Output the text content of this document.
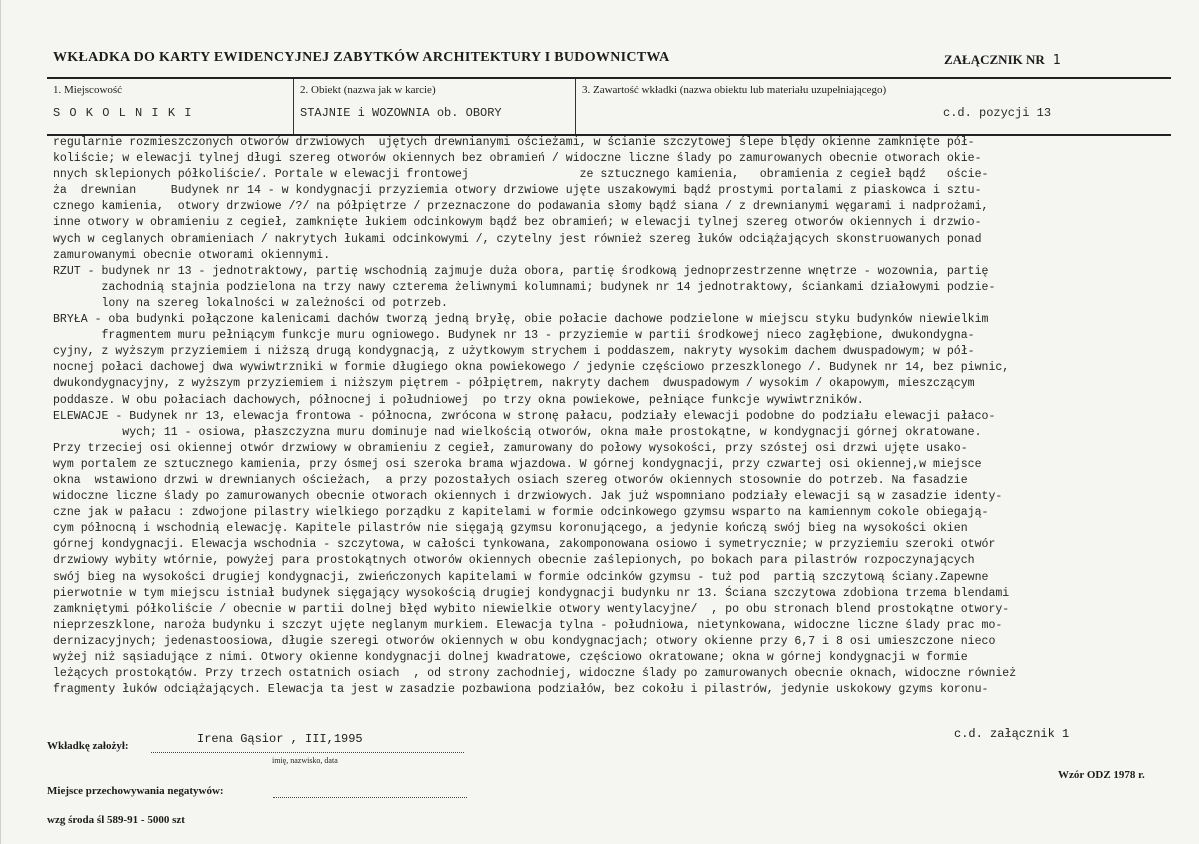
WKŁADKA DO KARTY EWIDENCYJNEJ ZABYTKÓW ARCHITEKTURY I BUDOWNICTWA	ZAŁĄCZNIK NR 1
1. Miejscowość
S O K O L N I K I
2. Obiekt (nazwa jak w karcie)
STAJNIE i WOZOWNIA ob. OBORY
3. Zawartość wkładki (nazwa obiektu lub materiału uzupełniającego)
c.d. pozycji 13
regularnie rozmieszczonych otworów drzwiowych  ujętych drewnianymi ościeżami, w ścianie szczytowej ślepe blędy okienne zamknięte pół-
koliście; w elewacji tylnej długi szereg otworów okiennych bez obramień / widoczne liczne ślady po zamurowanych obecnie otworach okie-
nnych sklepionych półkoliście/. Portale w elewacji frontowej                ze sztucznego kamienia,   obramienia z cegieł bądź   oście-
ża  drewnian     Budynek nr 14 - w kondygnacji przyziemia otwory drzwiowe ujęte uszakowymi bądź prostymi portalami z piaskowca i sztu-
cznego kamienia,  otwory drzwiowe /?/ na półpiętrze / przeznaczone do podawania słomy bądź siana / z drewnianymi węgarami i nadprożami,
inne otwory w obramieniu z cegieł, zamknięte łukiem odcinkowym bądź bez obramień; w elewacji tylnej szereg otworów okiennych i drzwio-
wych w ceglanych obramieniach / nakrytych łukami odcinkowymi /, czytelny jest również szereg łuków odciążających skonstruowanych ponad
zamurowanymi obecnie otworami okiennymi.
RZUT - budynek nr 13 - jednotraktowy, partię wschodnią zajmuje duża obora, partię środkową jednoprzestrzenne wnętrze - wozownia, partię
zachodnią stajnia podzielona na trzy nawy czterema żeliwnymi kolumnami; budynek nr 14 jednotraktowy, ściankami działowymi podzie-
lony na szereg lokalności w zależności od potrzeb.
BRYŁA - oba budynki połączone kalenicami dachów tworzą jedną bryłę, obie połacie dachowe podzielone w miejscu styku budynków niewielkim
fragmentem muru pełniącym funkcje muru ogniowego. Budynek nr 13 - przyziemie w partii środkowej nieco zagłębione, dwukondygna-
cyjny, z wyższym przyziemiem i niższą drugą kondygnacją, z użytkowym strychem i poddaszem, nakryty wysokim dachem dwuspadowym; w pół-
nocnej połaci dachowej dwa wywiwtrzniki w formie długiego okna powiekowego / jedynie częściowo przeszklonego /. Budynek nr 14, bez piwnic,
dwukondygnacyjny, z wyższym przyziemiem i niższym piętrem - półpiętrem, nakryty dachem  dwuspadowym / wysokim / okapowym, mieszczącym
poddasze. W obu połaciach dachowych, północnej i południowej  po trzy okna powiekowe, pełniące funkcje wywiwtrzników.
ELEWACJE - Budynek nr 13, elewacja frontowa - północna, zwrócona w stronę pałacu, podziały elewacji podobne do podziału elewacji pałaco-
wych; 11 - osiowa, płaszczyzna muru dominuje nad wielkością otworów, okna małe prostokątne, w kondygnacji górnej okratowane.
Przy trzeciej osi okiennej otwór drzwiowy w obramieniu z cegieł, zamurowany do połowy wysokości, przy szóstej osi drzwi ujęte usako-
wym portalem ze sztucznego kamienia, przy ósmej osi szeroka brama wjazdowa. W górnej kondygnacji, przy czwartej osi okiennej,w miejsce
okna  wstawiono drzwi w drewnianych ościeżach,  a przy pozostałych osiach szereg otworów okiennych stosownie do potrzeb. Na fasadzie
widoczne liczne ślady po zamurowanych obecnie otworach okiennych i drzwiowych. Jak już wspomniano podziały elewacji są w zasadzie identy-
czne jak w pałacu : zdwojone pilastry wielkiego porządku z kapitelami w formie odcinkowego gzymsu wsparto na kamiennym cokole obiegają-
cym północną i wschodnią elewację. Kapitele pilastrów nie sięgają gzymsu koronującego, a jedynie kończą swój bieg na wysokości okien
górnej kondygnacji. Elewacja wschodnia - szczytowa, w całości tynkowana, zakomponowana osiowo i symetrycznie; w przyziemiu szeroki otwór
drzwiowy wybity wtórnie, powyżej para prostokątnych otworów okiennych obecnie zaślepionych, po bokach para pilastrów rozpoczynających
swój bieg na wysokości drugiej kondygnacji, zwieńczonych kapitelami w formie odcinków gzymsu - tuż pod  partią szczytową ściany.Zapewne
pierwotnie w tym miejscu istniał budynek sięgający wysokością drugiej kondygnacji budynku nr 13. Ściana szczytowa zdobiona trzema blendami
zamkniętymi półkoliście / obecnie w partii dolnej błęd wybito niewielkie otwory wentylacyjne/  , po obu stronach blend prostokątne otwory-
nieprzeszklone, naroża budynku i szczyt ujęte neglanym murkiem. Elewacja tylna - południowa, nietynkowana, widoczne liczne ślady prac mo-
dernizacyjnych; jedenastoosiowa, długie szeregi otworów okiennych w obu kondygnacjach; otwory okienne przy 6,7 i 8 osi umieszczone nieco
wyżej niż sąsiadujące z nimi. Otwory okienne kondygnacji dolnej kwadratowe, częściowo okratowane; okna w górnej kondygnacji w formie
leżących prostokątów. Przy trzech ostatnich osiach  , od strony zachodniej, widoczne ślady po zamurowanych obecnie oknach, widoczne również
fragmenty łuków odciążających. Elewacja ta jest w zasadzie pozbawiona podziałów, bez cokołu i pilastrów, jedynie uskokowy gzyms koronu-
Wkładkę założył:	Irena Gąsior , III,1995
imię, nazwisko, data
c.d. załącznik 1
Wzór ODZ 1978 r.
Miejsce przechowywania negatywów:
wzg środa śl 589-91 - 5000 szt
